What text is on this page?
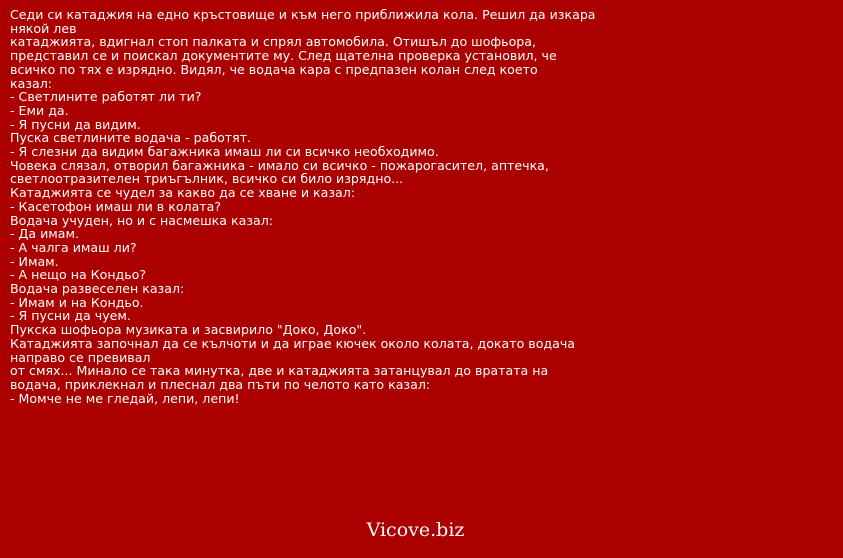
Седи си катаджия на едно кръстовище и към него приближила кола. Решил да изкара
някой лев
катаджията, вдигнал стоп палката и спрял автомобила. Отишъл до шофьора,
представил се и поискал документите му. След щателна проверка установил, че
всичко по тях е изрядно. Видял, че водача кара с предпазен колан след което
казал:
- Светлините работят ли ти?
- Еми да.
- Я пусни да видим.
Пуска светлините водача - работят.
- Я слезни да видим багажника имаш ли си всичко необходимо.
Човека слязал, отворил багажника - имало си всичко - пожарогасител, аптечка,
светлоотразителен триъгълник, всичко си било изрядно...
Катаджията се чудел за какво да се хване и казал:
- Касетофон имаш ли в колата?
Водача учуден, но и с насмешка казал:
- Да имам.
- А чалга имаш ли?
- Имам.
- А нещо на Кондьо?
Водача развеселен казал:
- Имам и на Кондьо.
- Я пусни да чуем.
Пукска шофьора музиката и засвирило "Доко, Доко".
Катаджията започнал да се кълчоти и да играе кючек около колата, докато водача
направо се превивал
от смях... Минало се така минутка, две и катаджията затанцувал до вратата на
водача, приклекнал и плеснал два пъти по челото като казал:
- Момче не ме гледай, лепи, лепи!
Vicove.biz
